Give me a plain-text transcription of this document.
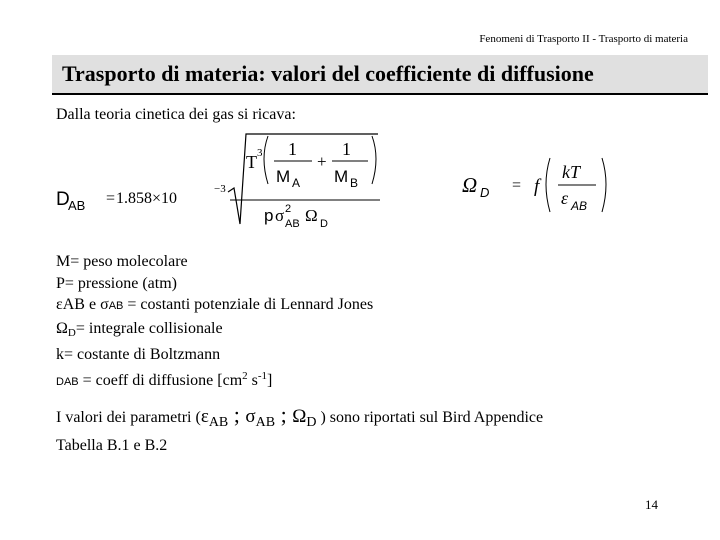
Fenomeni di Trasporto II - Trasporto di materia
Trasporto di materia: valori del coefficiente di diffusione
Dalla teoria cinetica dei gas si ricava:
D
AB = 1.858×10
−3
T 3 1
M A
+
1
M B
p σ 2
AB Ω D
Ω D = f
kT
ε AB
M= peso molecolare
P= pressione (atm)
εAB e σAB = costanti potenziale di Lennard Jones
$\Omega_D=$ integrale collisionale
k= costante di Boltzmann
DAB = coeff di diffusione [$cm^2$ $s^{-1}$]
I valori dei parametri (εAB ; σAB ; ΩD ) sono riportati sul Bird Appendice
Tabella B.1 e B.2
14
